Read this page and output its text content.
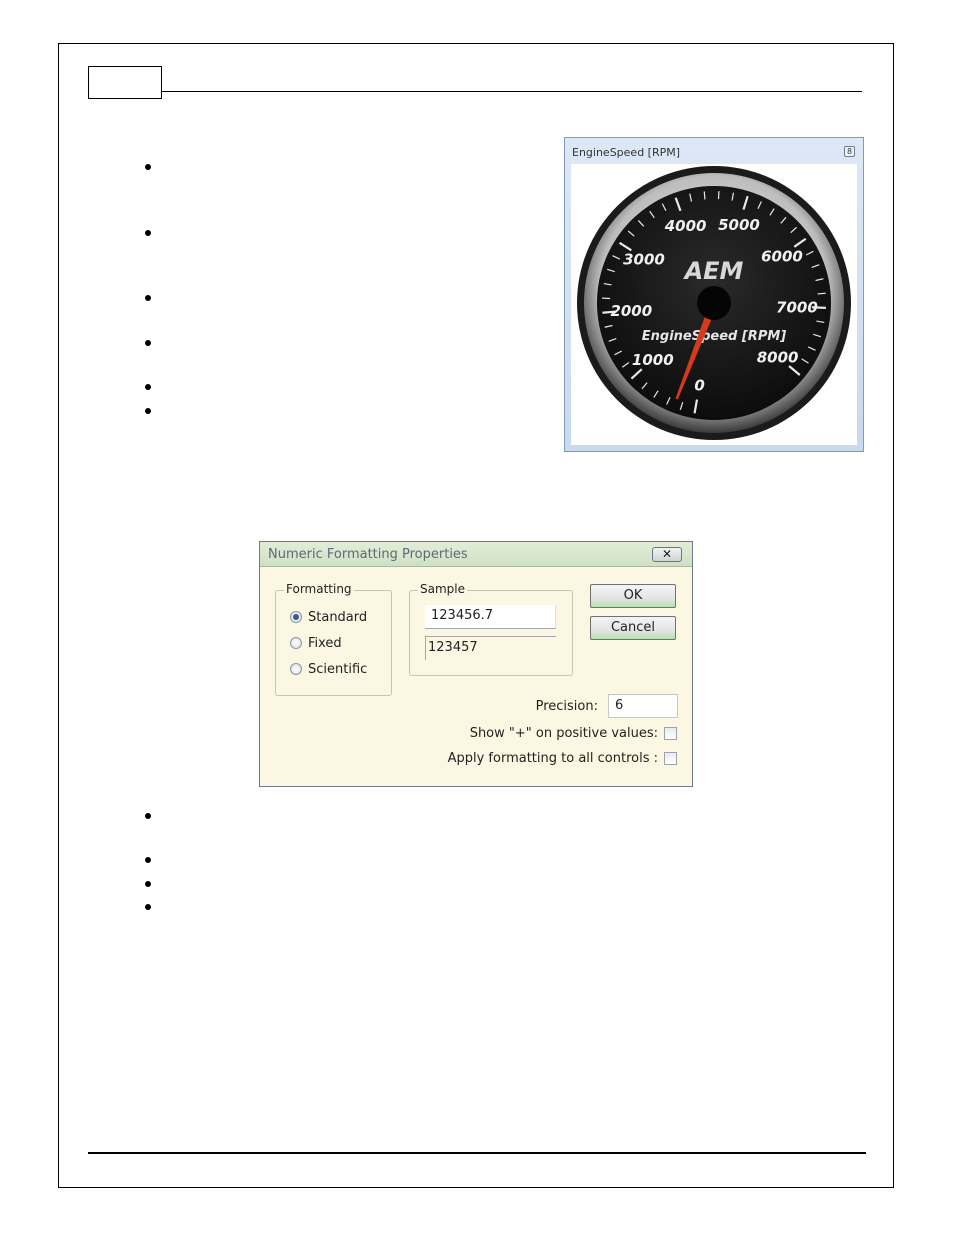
EngineSpeed [RPM]	8
0
1000
2000
3000
4000 5000
6000
7000
8000
AEM
EngineSpeed [RPM]
Numeric Formatting Properties	✕
Formatting
Standard
Fixed
Scientific
Sample
123456.7
123457
OK
Cancel
Precision:	6
Show "+" on positive values:
Apply formatting to all controls :
